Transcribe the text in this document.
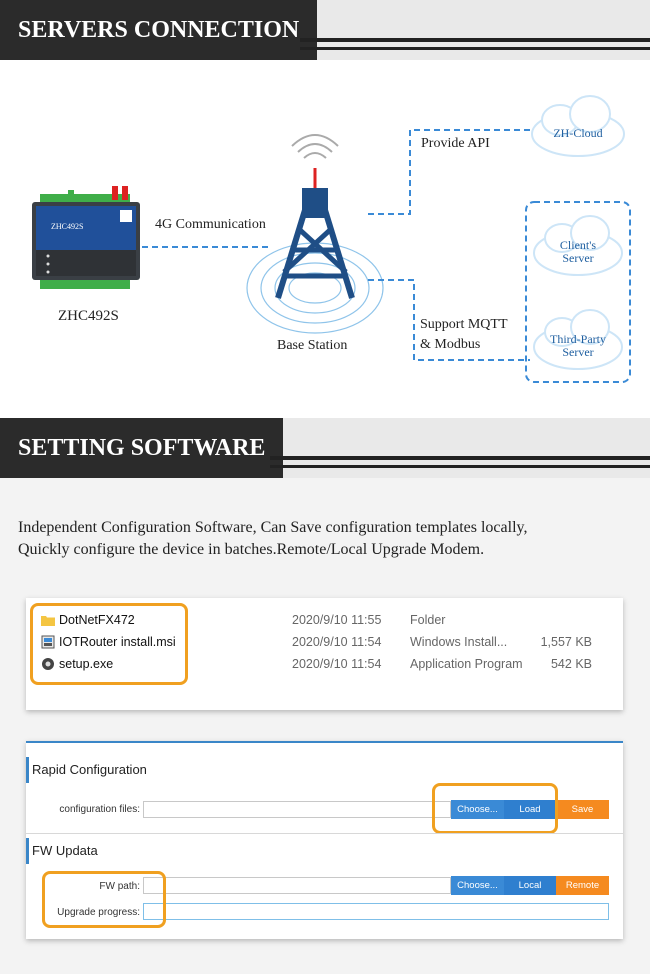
SERVERS CONNECTION
ZHC492S
ZHC492S	4G Communication
Base Station
Provide API
Support MQTT
& Modbus
ZH-Cloud
Client's
Server
Third-Party
Server
SETTING SOFTWARE
Independent Configuration Software, Can Save configuration templates locally,
Quickly configure the device in batches.Remote/Local Upgrade Modem.
DotNetFX472	2020/9/10 11:55 Folder
IOTRouter install.msi	2020/9/10 11:54 Windows Install...	1,557 KB
setup.exe	2020/9/10 11:54 Application Program	542 KB
Rapid Configuration
configuration files:	Choose...	Load	Save
FW Updata
FW path:	Choose...	Local	Remote
Upgrade progress:
